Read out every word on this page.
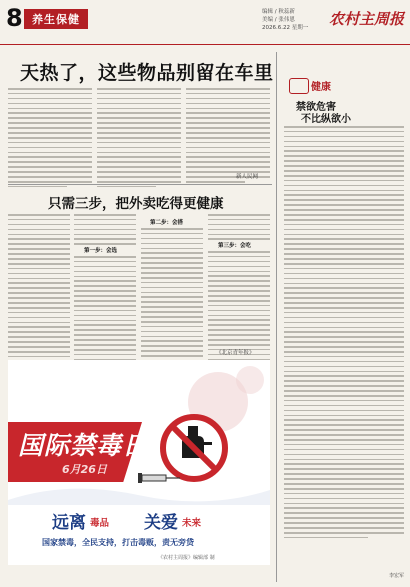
8 养生保健
编辑 / 秋蕊新
美编 / 张伟恩
2026.6.22 星期一	农村主周报
天热了，这些物品别留在车里
新人民网
只需三步，把外卖吃得更健康
第一步：会选
第二步：会搭
第三步：会吃
《北京青年报》
国际禁毒日
6月26日
远离 毒品 关爱 未来
国家禁毒，全民支持，打击毒贩，责无旁贷
《农村主周报》编辑部 制
健康
禁欲危害
不比纵欲小
李宏军
